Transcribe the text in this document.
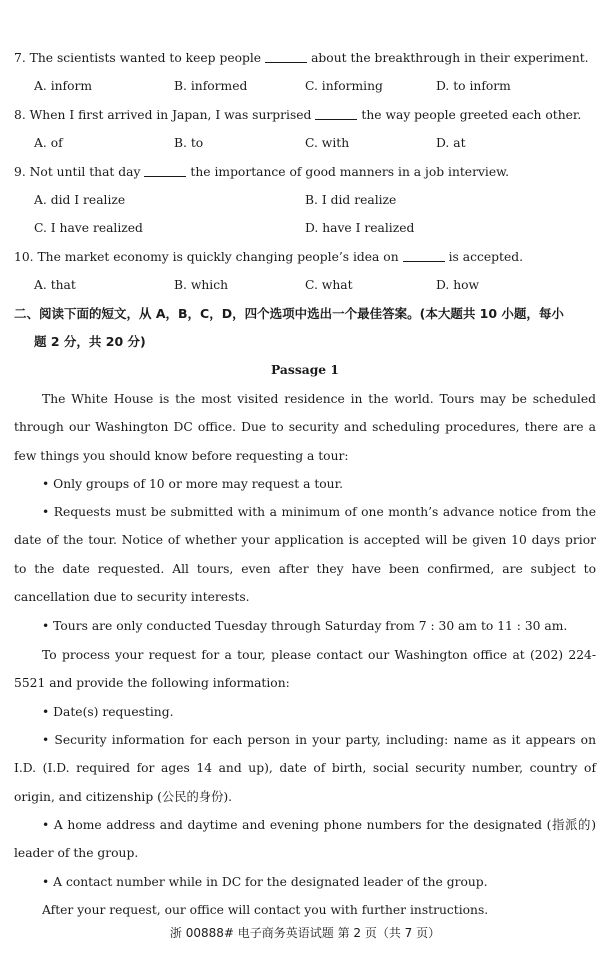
7. The scientists wanted to keep people	about the breakthrough in their experiment.
A. inform	B. informed	C. informing	D. to inform
8. When I first arrived in Japan, I was surprised	the way people greeted each other.
A. of	B. to	C. with	D. at
9. Not until that day	the importance of good manners in a job interview.
A. did I realize	B. I did realize
C. I have realized	D. have I realized
10. The market economy is quickly changing people’s idea on	is accepted.
A. that	B. which	C. what	D. how
二、阅读下面的短文，从 A，B，C，D，四个选项中选出一个最佳答案。(本大题共 10 小题，每小
题 2 分，共 20 分)
Passage 1
The White House is the most visited residence in the world. Tours may be scheduled through our Washington DC office. Due to security and scheduling procedures, there are a few things you should know before requesting a tour:
• Only groups of 10 or more may request a tour.
• Requests must be submitted with a minimum of one month’s advance notice from the date of the tour. Notice of whether your application is accepted will be given 10 days prior to the date requested. All tours, even after they have been confirmed, are subject to cancellation due to security interests.
• Tours are only conducted Tuesday through Saturday from 7 : 30 am to 11 : 30 am.
To process your request for a tour, please contact our Washington office at (202) 224-5521 and provide the following information:
• Date(s) requesting.
• Security information for each person in your party, including: name as it appears on I.D. (I.D. required for ages 14 and up), date of birth, social security number, country of origin, and citizenship (公民的身份).
• A home address and daytime and evening phone numbers for the designated (指派的) leader of the group.
• A contact number while in DC for the designated leader of the group.
After your request, our office will contact you with further instructions.
浙 00888# 电子商务英语试题 第 2 页（共 7 页）
